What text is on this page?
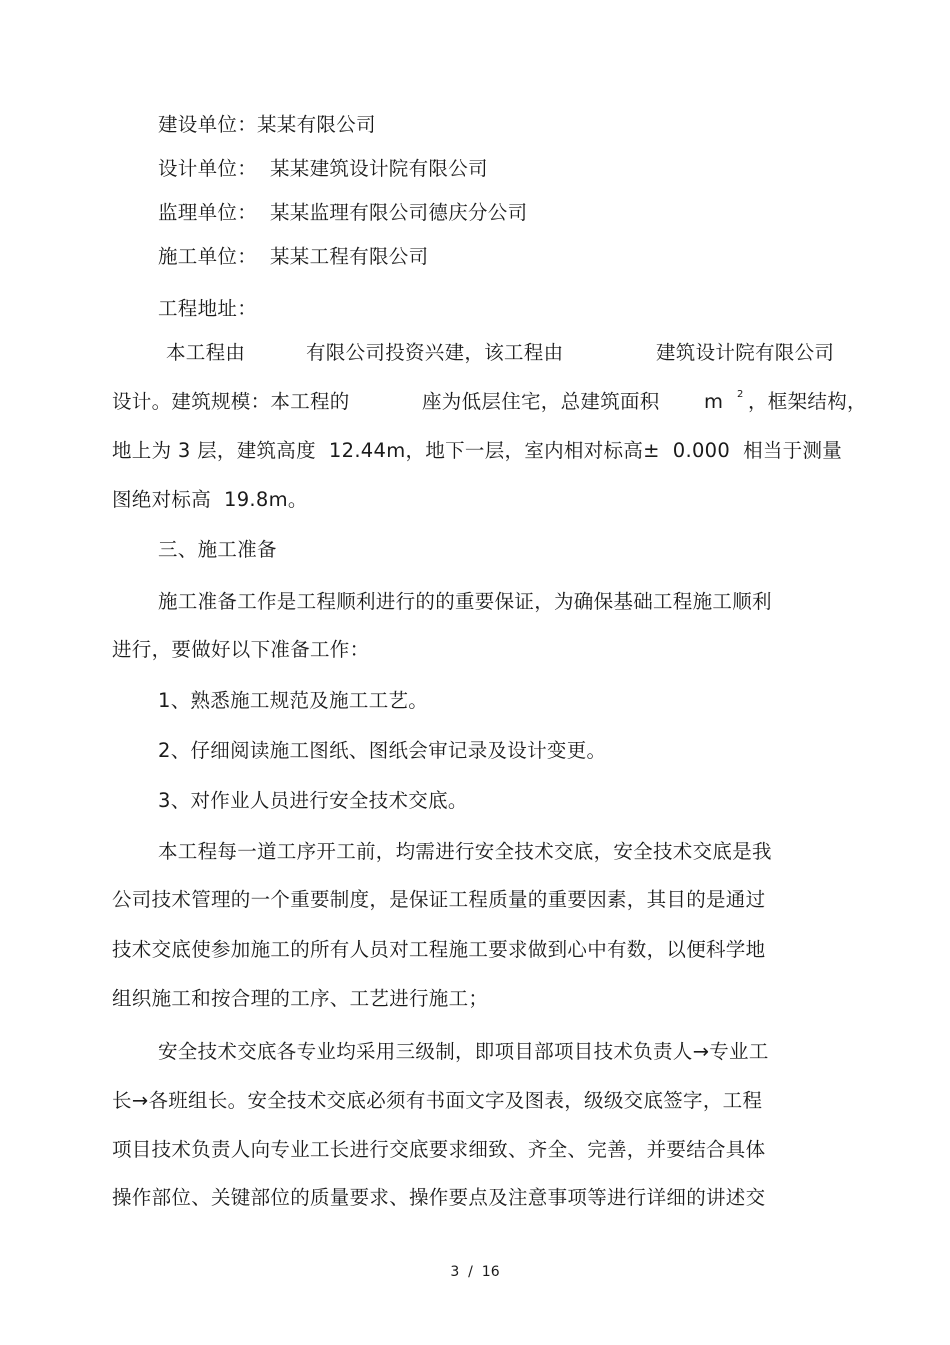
建设单位：某某有限公司
设计单位：  某某建筑设计院有限公司
监理单位：  某某监理有限公司德庆分公司
施工单位：  某某工程有限公司
工程地址：
本工程由	有限公司投资兴建，该工程由	建筑设计院有限公司
设计。建筑规模：本工程的	座为低层住宅，总建筑面积 m 2 ，框架结构，
地上为 3 层，建筑高度  12.44m，地下一层，室内相对标高±  0.000  相当于测量
图绝对标高  19.8m。
三、施工准备
施工准备工作是工程顺利进行的的重要保证，为确保基础工程施工顺利
进行，要做好以下准备工作：
1、熟悉施工规范及施工工艺。
2、仔细阅读施工图纸、图纸会审记录及设计变更。
3、对作业人员进行安全技术交底。
本工程每一道工序开工前，均需进行安全技术交底，安全技术交底是我
公司技术管理的一个重要制度，是保证工程质量的重要因素，其目的是通过
技术交底使参加施工的所有人员对工程施工要求做到心中有数，以便科学地
组织施工和按合理的工序、工艺进行施工；
安全技术交底各专业均采用三级制，即项目部项目技术负责人→专业工
长→各班组长。安全技术交底必须有书面文字及图表，级级交底签字，工程
项目技术负责人向专业工长进行交底要求细致、齐全、完善，并要结合具体
操作部位、关键部位的质量要求、操作要点及注意事项等进行详细的讲述交
3  /  16
